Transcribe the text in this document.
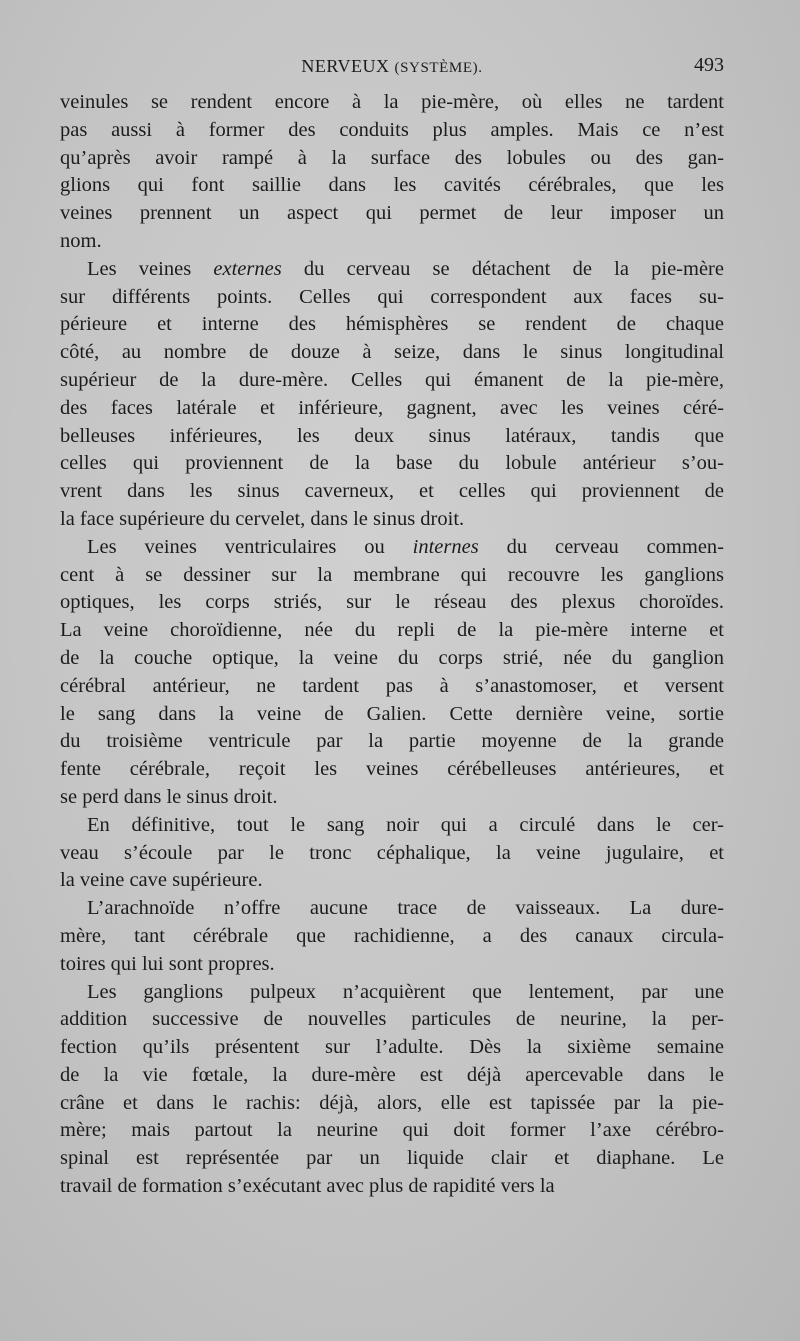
NERVEUX (SYSTÈME).	493
veinules se rendent encore à la pie-mère, où elles ne tardent
pas aussi à former des conduits plus amples. Mais ce n’est
qu’après avoir rampé à la surface des lobules ou des gan-
glions qui font saillie dans les cavités cérébrales, que les
veines prennent un aspect qui permet de leur imposer un
nom.
Les veines externes du cerveau se détachent de la pie-mère
sur différents points. Celles qui correspondent aux faces su-
périeure et interne des hémisphères se rendent de chaque
côté, au nombre de douze à seize, dans le sinus longitudinal
supérieur de la dure-mère. Celles qui émanent de la pie-mère,
des faces latérale et inférieure, gagnent, avec les veines céré-
belleuses inférieures, les deux sinus latéraux, tandis que
celles qui proviennent de la base du lobule antérieur s’ou-
vrent dans les sinus caverneux, et celles qui proviennent de
la face supérieure du cervelet, dans le sinus droit.
Les veines ventriculaires ou internes du cerveau commen-
cent à se dessiner sur la membrane qui recouvre les ganglions
optiques, les corps striés, sur le réseau des plexus choroïdes.
La veine choroïdienne, née du repli de la pie-mère interne et
de la couche optique, la veine du corps strié, née du ganglion
cérébral antérieur, ne tardent pas à s’anastomoser, et versent
le sang dans la veine de Galien. Cette dernière veine, sortie
du troisième ventricule par la partie moyenne de la grande
fente cérébrale, reçoit les veines cérébelleuses antérieures, et
se perd dans le sinus droit.
En définitive, tout le sang noir qui a circulé dans le cer-
veau s’écoule par le tronc céphalique, la veine jugulaire, et
la veine cave supérieure.
L’arachnoïde n’offre aucune trace de vaisseaux. La dure-
mère, tant cérébrale que rachidienne, a des canaux circula-
toires qui lui sont propres.
Les ganglions pulpeux n’acquièrent que lentement, par une
addition successive de nouvelles particules de neurine, la per-
fection qu’ils présentent sur l’adulte. Dès la sixième semaine
de la vie fœtale, la dure-mère est déjà apercevable dans le
crâne et dans le rachis: déjà, alors, elle est tapissée par la pie-
mère; mais partout la neurine qui doit former l’axe cérébro-
spinal est représentée par un liquide clair et diaphane. Le
travail de formation s’exécutant avec plus de rapidité vers la
